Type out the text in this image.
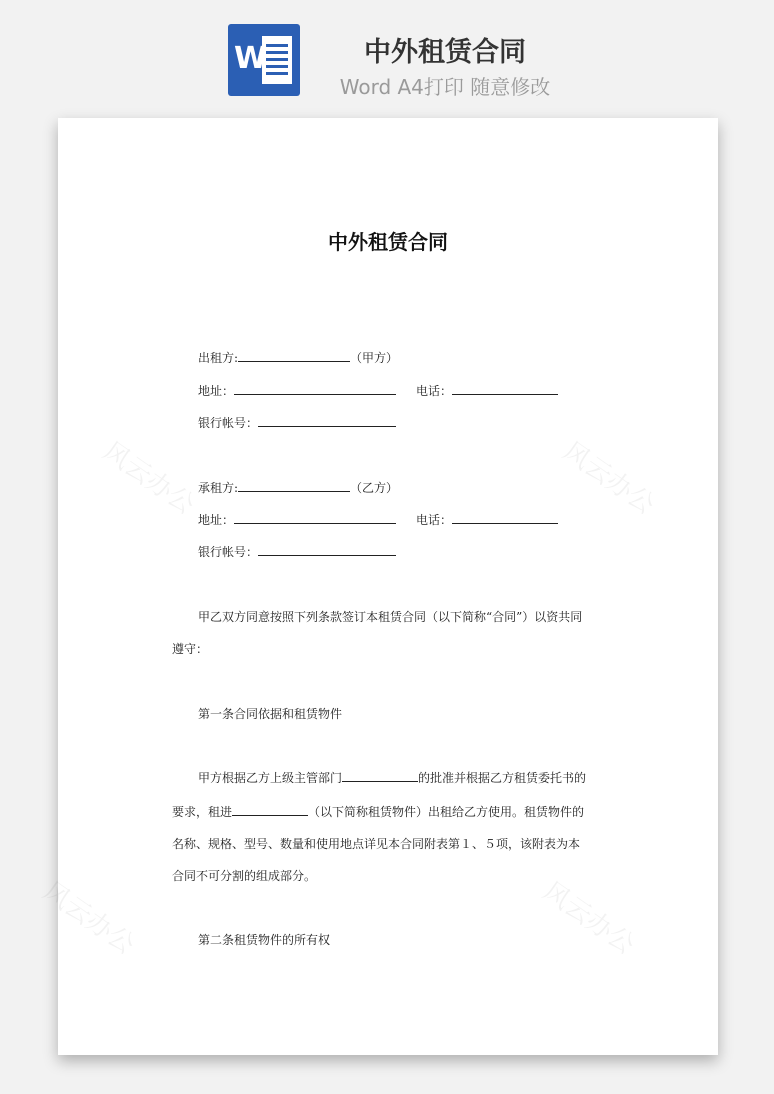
W	中外租赁合同
Word A4打印 随意修改
风云办公	风云办公
风云办公	风云办公
中外租赁合同
出租方:	（甲方）
地址：	电话：
银行帐号：
承租方:	（乙方）
地址：	电话：
银行帐号：
甲乙双方同意按照下列条款签订本租赁合同（以下简称“合同”）以资共同
遵守：
第一条合同依据和租赁物件
甲方根据乙方上级主管部门	的批准并根据乙方租赁委托书的
要求，租进	（以下简称租赁物件）出租给乙方使用。租赁物件的
名称、规格、型号、数量和使用地点详见本合同附表第１、５项，该附表为本
合同不可分割的组成部分。
第二条租赁物件的所有权
